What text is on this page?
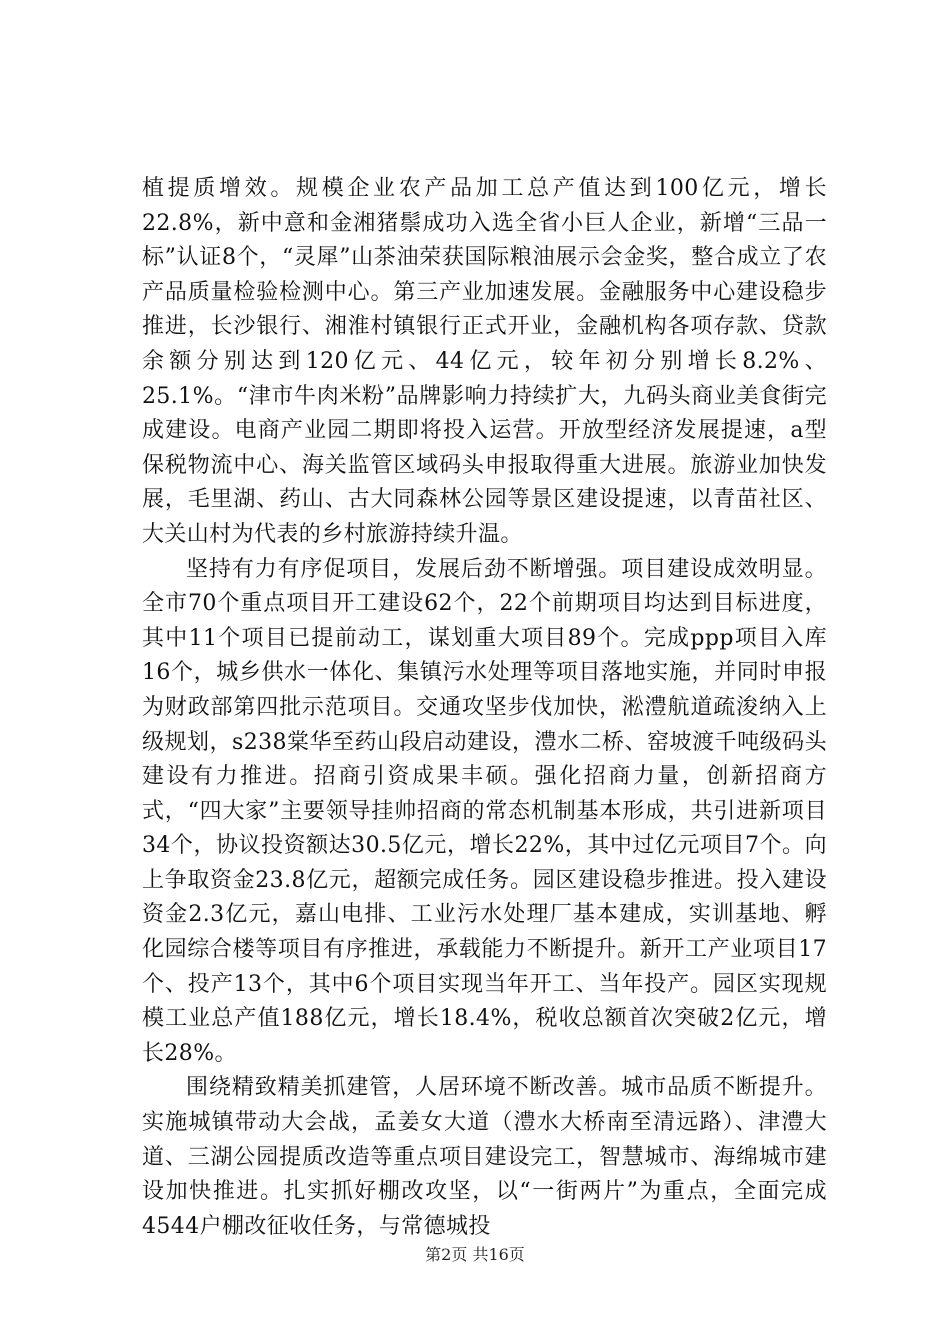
植提质增效。规模企业农产品加工总产值达到100亿元，增长22.8%，新中意和金湘猪鬃成功入选全省小巨人企业，新增“三品一标”认证8个，“灵犀”山茶油荣获国际粮油展示会金奖，整合成立了农产品质量检验检测中心。第三产业加速发展。金融服务中心建设稳步推进，长沙银行、湘淮村镇银行正式开业，金融机构各项存款、贷款余额分别达到120亿元、44亿元，较年初分别增长8.2%、25.1%。“津市牛肉米粉”品牌影响力持续扩大，九码头商业美食街完成建设。电商产业园二期即将投入运营。开放型经济发展提速，a型保税物流中心、海关监管区域码头申报取得重大进展。旅游业加快发展，毛里湖、药山、古大同森林公园等景区建设提速，以青苗社区、大关山村为代表的乡村旅游持续升温。

坚持有力有序促项目，发展后劲不断增强。项目建设成效明显。全市70个重点项目开工建设62个，22个前期项目均达到目标进度，其中11个项目已提前动工，谋划重大项目89个。完成ppp项目入库16个，城乡供水一体化、集镇污水处理等项目落地实施，并同时申报为财政部第四批示范项目。交通攻坚步伐加快，淞澧航道疏浚纳入上级规划，s238棠华至药山段启动建设，澧水二桥、窑坡渡千吨级码头建设有力推进。招商引资成果丰硕。强化招商力量，创新招商方式，“四大家”主要领导挂帅招商的常态机制基本形成，共引进新项目34个，协议投资额达30.5亿元，增长22%，其中过亿元项目7个。向上争取资金23.8亿元，超额完成任务。园区建设稳步推进。投入建设资金2.3亿元，嘉山电排、工业污水处理厂基本建成，实训基地、孵化园综合楼等项目有序推进，承载能力不断提升。新开工产业项目17个、投产13个，其中6个项目实现当年开工、当年投产。园区实现规模工业总产值188亿元，增长18.4%，税收总额首次突破2亿元，增长28%。

围绕精致精美抓建管，人居环境不断改善。城市品质不断提升。实施城镇带动大会战，孟姜女大道（澧水大桥南至清远路）、津澧大道、三湖公园提质改造等重点项目建设完工，智慧城市、海绵城市建设加快推进。扎实抓好棚改攻坚，以“一街两片”为重点，全面完成4544户棚改征收任务，与常德城投

第2页 共16页
